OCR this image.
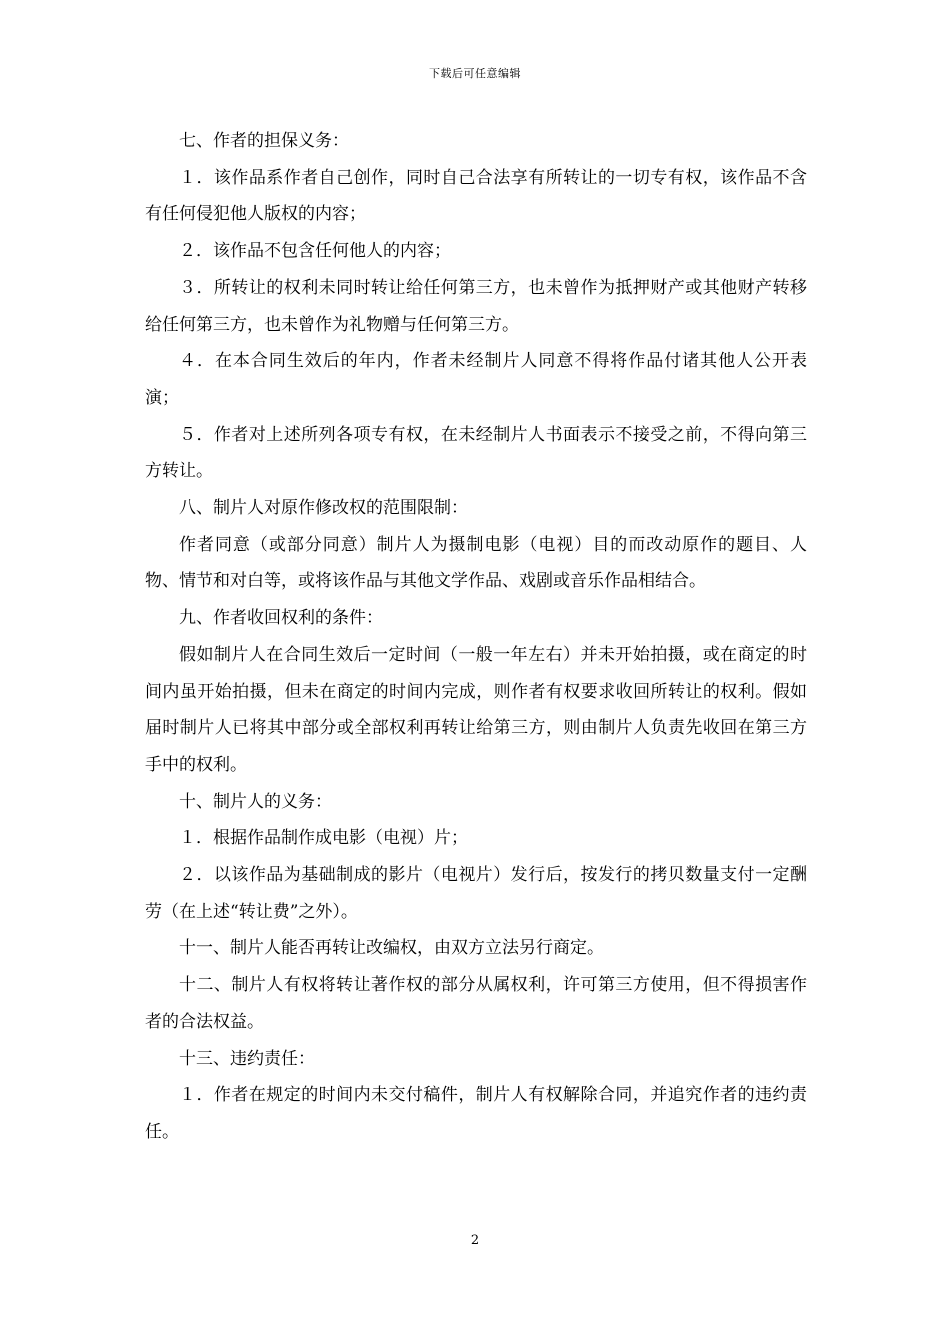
下载后可任意编辑

七、作者的担保义务：

１．该作品系作者自己创作，同时自己合法享有所转让的一切专有权，该作品不含有任何侵犯他人版权的内容；

２．该作品不包含任何他人的内容；

３．所转让的权利未同时转让给任何第三方，也未曾作为抵押财产或其他财产转移给任何第三方，也未曾作为礼物赠与任何第三方。

４．在本合同生效后的年内，作者未经制片人同意不得将作品付诸其他人公开表演；

５．作者对上述所列各项专有权，在未经制片人书面表示不接受之前，不得向第三方转让。

八、制片人对原作修改权的范围限制：

作者同意（或部分同意）制片人为摄制电影（电视）目的而改动原作的题目、人物、情节和对白等，或将该作品与其他文学作品、戏剧或音乐作品相结合。

九、作者收回权利的条件：

假如制片人在合同生效后一定时间（一般一年左右）并未开始拍摄，或在商定的时间内虽开始拍摄，但未在商定的时间内完成，则作者有权要求收回所转让的权利。假如届时制片人已将其中部分或全部权利再转让给第三方，则由制片人负责先收回在第三方手中的权利。

十、制片人的义务：

１．根据作品制作成电影（电视）片；

２．以该作品为基础制成的影片（电视片）发行后，按发行的拷贝数量支付一定酬劳（在上述“转让费”之外）。

十一、制片人能否再转让改编权，由双方立法另行商定。

十二、制片人有权将转让著作权的部分从属权利，许可第三方使用，但不得损害作者的合法权益。

十三、违约责任：

１．作者在规定的时间内未交付稿件，制片人有权解除合同，并追究作者的违约责任。

2
